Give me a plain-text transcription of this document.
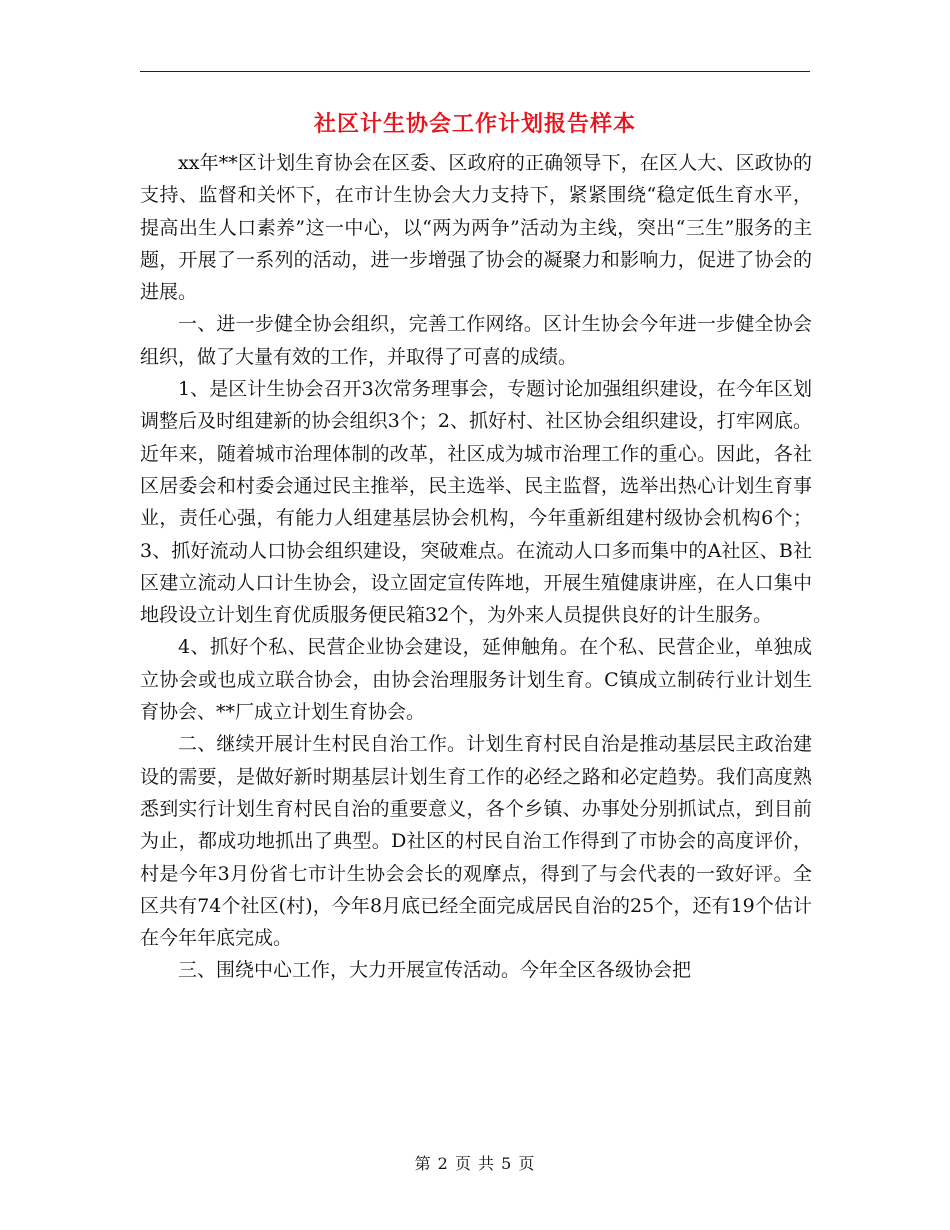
社区计生协会工作计划报告样本

xx年**区计划生育协会在区委、区政府的正确领导下，在区人大、区政协的支持、监督和关怀下，在市计生协会大力支持下，紧紧围绕“稳定低生育水平，提高出生人口素养”这一中心，以“两为两争”活动为主线，突出“三生”服务的主题，开展了一系列的活动，进一步增强了协会的凝聚力和影响力，促进了协会的进展。

一、进一步健全协会组织，完善工作网络。区计生协会今年进一步健全协会组织，做了大量有效的工作，并取得了可喜的成绩。

1、是区计生协会召开3次常务理事会，专题讨论加强组织建设，在今年区划调整后及时组建新的协会组织3个；2、抓好村、社区协会组织建设，打牢网底。近年来，随着城市治理体制的改革，社区成为城市治理工作的重心。因此，各社区居委会和村委会通过民主推举，民主选举、民主监督，选举出热心计划生育事业，责任心强，有能力人组建基层协会机构，今年重新组建村级协会机构6个；3、抓好流动人口协会组织建设，突破难点。在流动人口多而集中的A社区、B社区建立流动人口计生协会，设立固定宣传阵地，开展生殖健康讲座，在人口集中地段设立计划生育优质服务便民箱32个，为外来人员提供良好的计生服务。

4、抓好个私、民营企业协会建设，延伸触角。在个私、民营企业，单独成立协会或也成立联合协会，由协会治理服务计划生育。C镇成立制砖行业计划生育协会、**厂成立计划生育协会。

二、继续开展计生村民自治工作。计划生育村民自治是推动基层民主政治建设的需要，是做好新时期基层计划生育工作的必经之路和必定趋势。我们高度熟悉到实行计划生育村民自治的重要意义，各个乡镇、办事处分别抓试点，到目前为止，都成功地抓出了典型。D社区的村民自治工作得到了市协会的高度评价，村是今年3月份省七市计生协会会长的观摩点，得到了与会代表的一致好评。全区共有74个社区(村)，今年8月底已经全面完成居民自治的25个，还有19个估计在今年年底完成。

三、围绕中心工作，大力开展宣传活动。今年全区各级协会把

第 2 页 共 5 页
